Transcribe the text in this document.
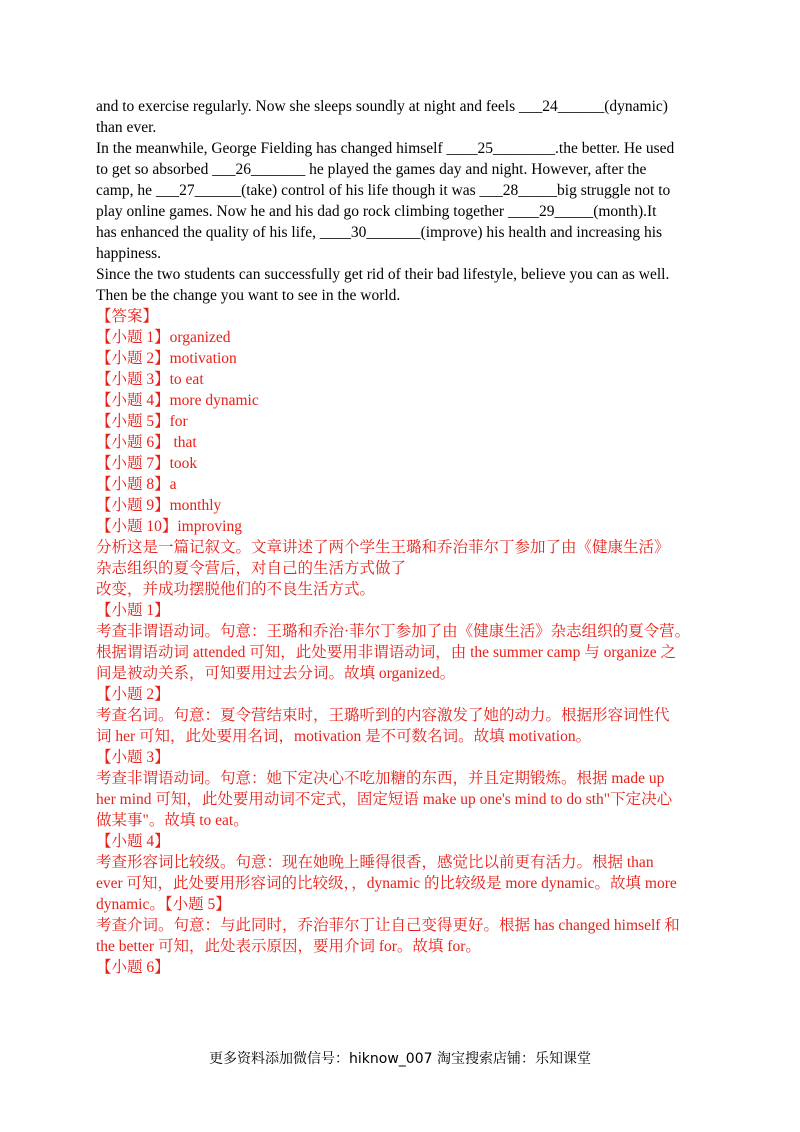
and to exercise regularly. Now she sleeps soundly at night and feels ___24______(dynamic)
than ever.
In the meanwhile, George Fielding has changed himself ____25________.the better. He used
to get so absorbed ___26_______ he played the games day and night. However, after the
camp, he ___27______(take) control of his life though it was ___28_____big struggle not to
play online games. Now he and his dad go rock climbing together ____29_____(month).It
has enhanced the quality of his life, ____30_______(improve) his health and increasing his
happiness.
Since the two students can successfully get rid of their bad lifestyle, believe you can as well.
Then be the change you want to see in the world.
【答案】
【小题 1】organized
【小题 2】motivation
【小题 3】to eat
【小题 4】more dynamic
【小题 5】for
【小题 6】 that
【小题 7】took
【小题 8】a
【小题 9】monthly
【小题 10】improving
分析这是一篇记叙文。文章讲述了两个学生王璐和乔治菲尔丁参加了由《健康生活》
杂志组织的夏令营后，对自己的生活方式做了
改变，并成功摆脱他们的不良生活方式。
【小题 1】
考查非谓语动词。句意：王璐和乔治·菲尔丁参加了由《健康生活》杂志组织的夏令营。
根据谓语动词 attended 可知，此处要用非谓语动词，由 the summer camp 与 organize 之
间是被动关系，可知要用过去分词。故填 organized。
【小题 2】
考查名词。句意：夏令营结束时，王璐听到的内容激发了她的动力。根据形容词性代
词 her 可知，此处要用名词，motivation 是不可数名词。故填 motivation。
【小题 3】
考查非谓语动词。句意：她下定决心不吃加糖的东西，并且定期锻炼。根据 made up
her mind 可知，此处要用动词不定式，固定短语 make up one's mind to do sth"下定决心
做某事"。故填 to eat。
【小题 4】
考查形容词比较级。句意：现在她晚上睡得很香，感觉比以前更有活力。根据 than
ever 可知，此处要用形容词的比较级，，dynamic 的比较级是 more dynamic。故填 more
dynamic。【小题 5】
考查介词。句意：与此同时，乔治菲尔丁让自己变得更好。根据 has changed himself 和
the better 可知，此处表示原因，要用介词 for。故填 for。
【小题 6】
更多资料添加微信号：hiknow_007 淘宝搜索店铺：乐知课堂
